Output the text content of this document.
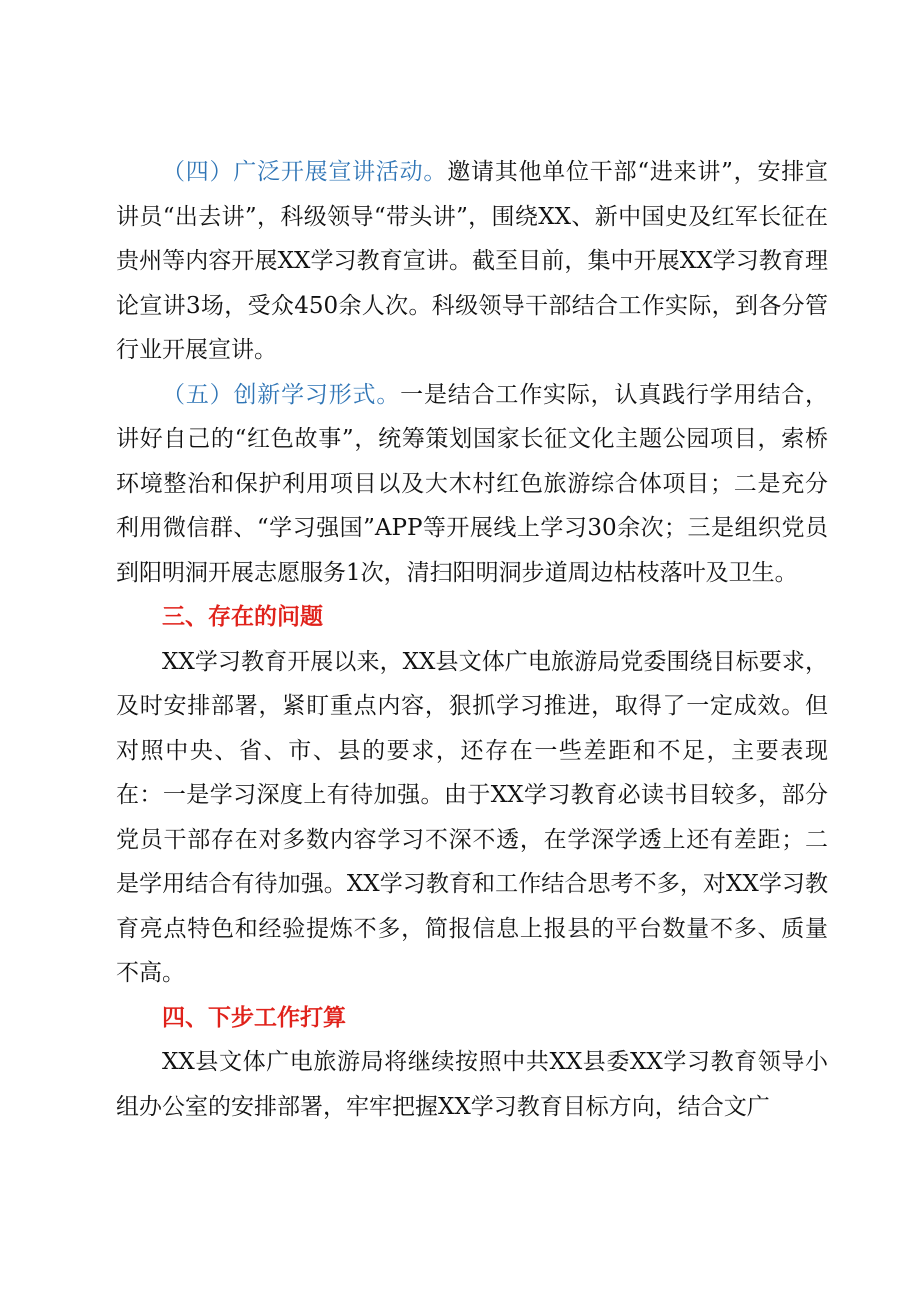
（四）广泛开展宣讲活动。邀请其他单位干部“进来讲”，安排宣讲员“出去讲”，科级领导“带头讲”，围绕XX、新中国史及红军长征在贵州等内容开展XX学习教育宣讲。截至目前，集中开展XX学习教育理论宣讲3场，受众450余人次。科级领导干部结合工作实际，到各分管行业开展宣讲。

（五）创新学习形式。一是结合工作实际，认真践行学用结合，讲好自己的“红色故事”，统筹策划国家长征文化主题公园项目，索桥环境整治和保护利用项目以及大木村红色旅游综合体项目；二是充分利用微信群、“学习强国”APP等开展线上学习30余次；三是组织党员到阳明洞开展志愿服务1次，清扫阳明洞步道周边枯枝落叶及卫生。

三、存在的问题

XX学习教育开展以来，XX县文体广电旅游局党委围绕目标要求，及时安排部署，紧盯重点内容，狠抓学习推进，取得了一定成效。但对照中央、省、市、县的要求，还存在一些差距和不足，主要表现在：一是学习深度上有待加强。由于XX学习教育必读书目较多，部分党员干部存在对多数内容学习不深不透，在学深学透上还有差距；二是学用结合有待加强。XX学习教育和工作结合思考不多，对XX学习教育亮点特色和经验提炼不多，简报信息上报县的平台数量不多、质量不高。

四、下步工作打算

XX县文体广电旅游局将继续按照中共XX县委XX学习教育领导小组办公室的安排部署，牢牢把握XX学习教育目标方向，结合文广
